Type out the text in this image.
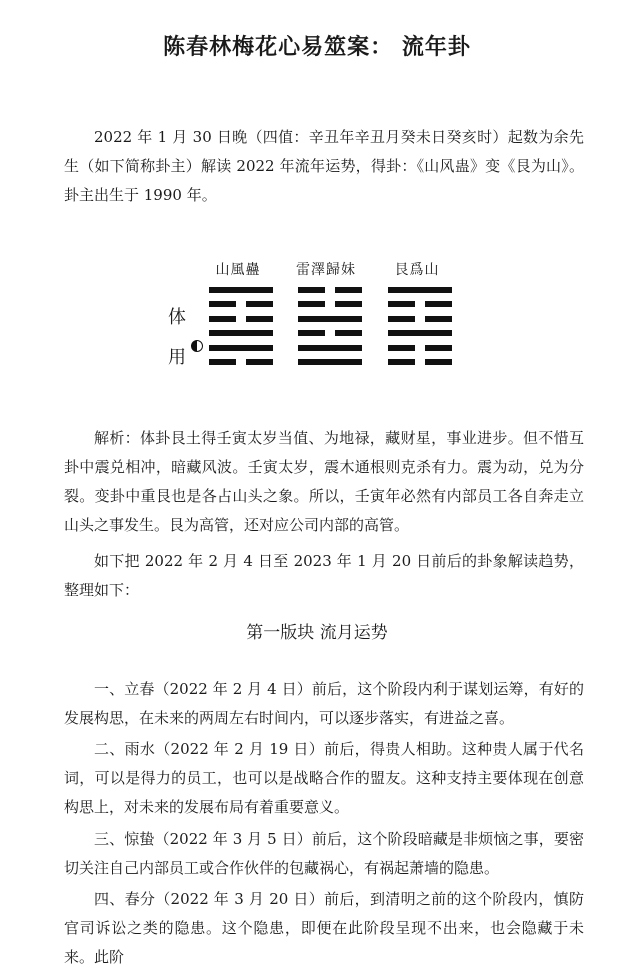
陈春林梅花心易筮案： 流年卦

2022 年 1 月 30 日晚（四值：辛丑年辛丑月癸未日癸亥时）起数为余先生（如下简称卦主）解读 2022 年流年运势，得卦：《山风蛊》变《艮为山》。卦主出生于 1990 年。

山風蠱	雷澤歸妹	艮爲山
体
用

解析：体卦艮土得壬寅太岁当值、为地禄，藏财星，事业进步。但不惜互卦中震兑相冲，暗藏风波。壬寅太岁，震木通根则克杀有力。震为动，兑为分裂。变卦中重艮也是各占山头之象。所以，壬寅年必然有内部员工各自奔走立山头之事发生。艮为高管，还对应公司内部的高管。

如下把 2022 年 2 月 4 日至 2023 年 1 月 20 日前后的卦象解读趋势，整理如下：

第一版块 流月运势

一、立春（2022 年 2 月 4 日）前后，这个阶段内利于谋划运筹，有好的发展构思，在未来的两周左右时间内，可以逐步落实，有进益之喜。

二、雨水（2022 年 2 月 19 日）前后，得贵人相助。这种贵人属于代名词，可以是得力的员工，也可以是战略合作的盟友。这种支持主要体现在创意构思上，对未来的发展布局有着重要意义。

三、惊蛰（2022 年 3 月 5 日）前后，这个阶段暗藏是非烦恼之事，要密切关注自己内部员工或合作伙伴的包藏祸心，有祸起萧墙的隐患。

四、春分（2022 年 3 月 20 日）前后，到清明之前的这个阶段内，慎防官司诉讼之类的隐患。这个隐患，即便在此阶段呈现不出来，也会隐藏于未来。此阶
